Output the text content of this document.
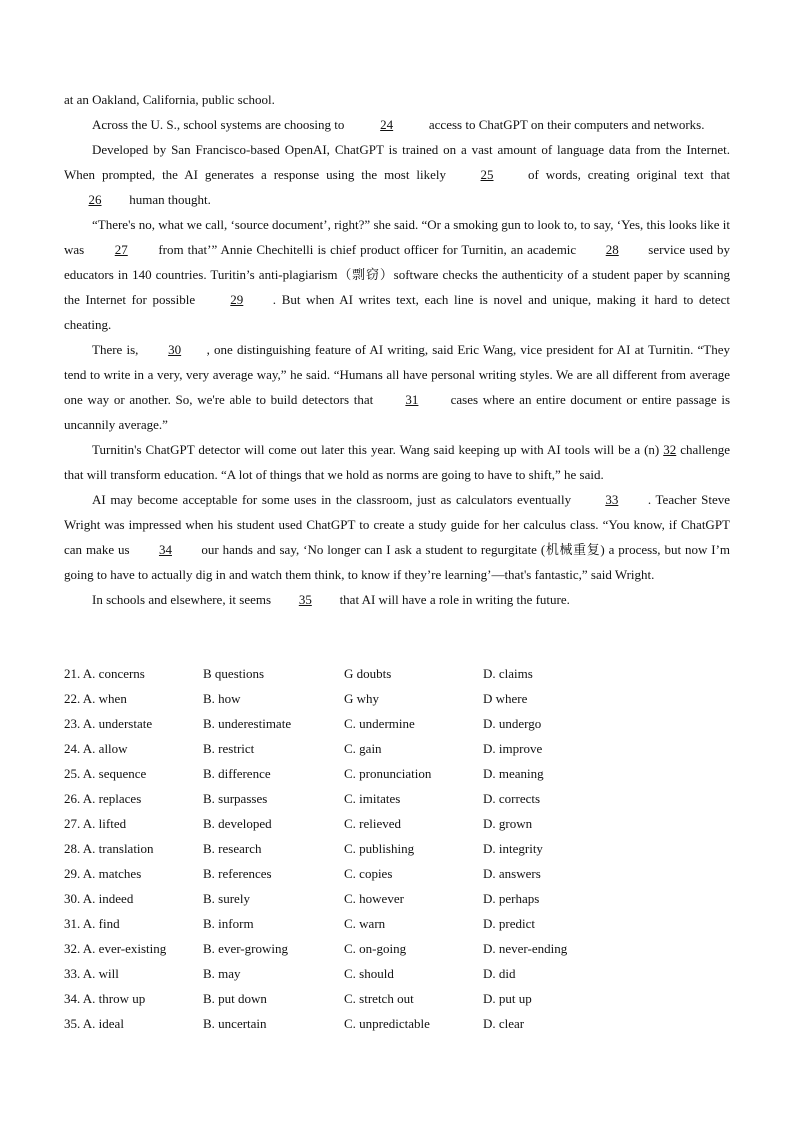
at an Oakland, California, public school.

Across the U. S., school systems are choosing to	24	access to ChatGPT on their computers and networks.

Developed by San Francisco-based OpenAI, ChatGPT is trained on a vast amount of language data from the Internet. When prompted, the AI generates a response using the most likely	25	of words, creating original text that 26 human thought.

“There's no, what we call, ‘source document’, right?” she said. “Or a smoking gun to look to, to say, ‘Yes, this looks like it was 27 from that’” Annie Chechitelli is chief product officer for Turnitin, an academic 28 service used by educators in 140 countries. Turitin’s anti-plagiarism（剽窃）software checks the authenticity of a student paper by scanning the Internet for possible	29 . But when AI writes text, each line is novel and unique, making it hard to detect cheating.

There is, 30 , one distinguishing feature of AI writing, said Eric Wang, vice president for AI at Turnitin. “They tend to write in a very, very average way,” he said. “Humans all have personal writing styles. We are all different from average one way or another. So, we're able to build detectors that 31 cases where an entire document or entire passage is uncannily average.”

Turnitin's ChatGPT detector will come out later this year. Wang said keeping up with AI tools will be a (n) 32 challenge that will transform education. “A lot of things that we hold as norms are going to have to shift,” he said.

AI may become acceptable for some uses in the classroom, just as calculators eventually	33 . Teacher Steve Wright was impressed when his student used ChatGPT to create a study guide for her calculus class. “You know, if ChatGPT can make us 34 our hands and say, ‘No longer can I ask a student to regurgitate (机械重复) a process, but now I’m going to have to actually dig in and watch them think, to know if they’re learning’—that's fantastic,” said Wright.

In schools and elsewhere, it seems 35 that AI will have a role in writing the future.

21. A. concerns	B questions	G doubts	D. claims
22. A. when	B. how	G why	D where
23. A. understate	B. underestimate	C. undermine	D. undergo
24. A. allow	B. restrict	C. gain	D. improve
25. A. sequence	B. difference	C. pronunciation	D. meaning
26. A. replaces	B. surpasses	C. imitates	D. corrects
27. A. lifted	B. developed	C. relieved	D. grown
28. A. translation	B. research	C. publishing	D. integrity
29. A. matches	B. references	C. copies	D. answers
30. A. indeed	B. surely	C. however	D. perhaps
31. A. find	B. inform	C. warn	D. predict
32. A. ever-existing	B. ever-growing	C. on-going	D. never-ending
33. A. will	B. may	C. should	D. did
34. A. throw up	B. put down	C. stretch out	D. put up
35. A. ideal	B. uncertain	C. unpredictable	D. clear
